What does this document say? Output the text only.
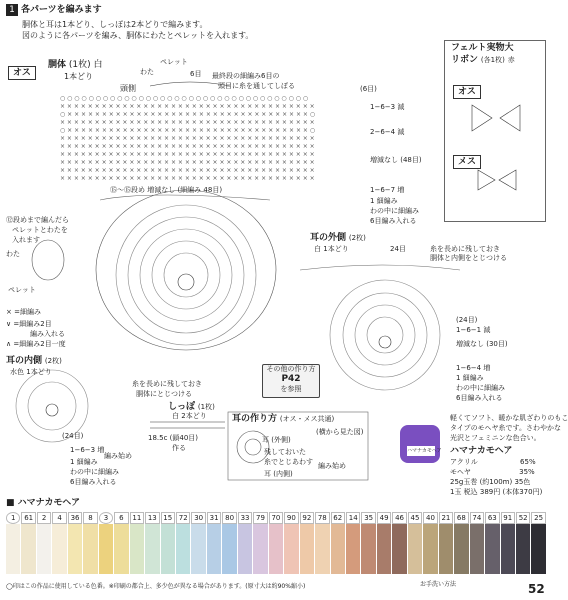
1 各パーツを編みます
胴体と耳は1本どり、しっぽは2本どりで編みます。
図のように各パーツを編み、胴体にわたとペレットを入れます。
オス
胴体 (1枚) 白
1本どり
頭側
わた
ペレット
6目 最終段の細編み6目の
頭目に糸を通してしぼる
○ ○ ○ ○ ○ ○ ○ ○ ○ ○ ○ ○ ○ ○ ○ ○ ○ ○ ○ ○ ○ ○ ○ ○ ○ ○ ○ ○ ○ ○ ○ ○ ○ ○ ○
× × × × × × × × × × × × × × × × × × × × × × × × × × × × × × × × × × × × ×
○ × × × × × × × × × × × × × × × × × × × × × × × × × × × × × × × × × × × ○
× × × × × × × × × × × × × × × × × × × × × × × × × × × × × × × × × × × × ×
○ × × × × × × × × × × × × × × × × × × × × × × × × × × × × × × × × × × × ○
× × × × × × × × × × × × × × × × × × × × × × × × × × × × × × × × × × × × ×
× × × × × × × × × × × × × × × × × × × × × × × × × × × × × × × × × × × × ×
× × × × × × × × × × × × × × × × × × × × × × × × × × × × × × × × × × × × ×
× × × × × × × × × × × × × × × × × × × × × × × × × × × × × × × × × × × × ×
× × × × × × × × × × × × × × × × × × × × × × × × × × × × × × × × × × × × ×
× × × × × × × × × × × × × × × × × × × × × × × × × × × × × × × × × × × × ×
(6目)
1−6−3 減
2−6−4 減
増減なし (48目)
1−6−7 増
1 細編み
わの中に細編み
6目編み入れる
⑮〜⑮段め 増減なし (細編み 48目)
⑫段めまで編んだら
ペレットとわたを
入れます
わた
ペレット
× =細編み
∨ =細編み2目
編み入れる
∧ =細編み2目一度
耳の内側 (2枚)
水色 1本どり
(24目)
1−6−3 増
1 細編み
わの中に細編み
6目編み入れる
糸を長めに残しておき
胴体にとじつける
しっぽ (1枚)
白 2本どり
18.5c (鎖40目)
作る
編み始め
その他の作り方
P42
を参照
耳の外側 (2枚)
白 1本どり	24目	糸を長めに残しておき
胴体と内側をとじつける
(24目)
1−6−1 減
増減なし (30目)
1−6−4 増
1 細編み
わの中に細編み
6目編み入れる
耳の作り方 (オス・メス共通)
(横から見た図)
耳 (外側)
残しておいた
糸でとじあわす
耳 (内側)
編み始め
フェルト実物大
リボン (各1枚) 赤
オス
メス
ハマナカモヘア
軽くてソフト、暖かな肌ざわりのもこ
タイプのモヘヤ糸です。さわやかな
光沢とフェミニンな色合い。
ハマナカモヘア
アクリル	65%
モヘヤ	35%
25g玉巻 (約100m) 35色
1玉 税込 389円 (本体370円)
■ ハマナカモヘア
1	61	2	4	36	8	3	6	11 13 15 72 30 31 80 33 79 70 90 92 78 62 14 35 49 46 45 40 21 68 74 63 91 52 25
◯印はこの作品に使用している色番。※印刷の都合上、多少色が異なる場合があります。(原寸大は約90%縮小)	お手洗い方法	52
